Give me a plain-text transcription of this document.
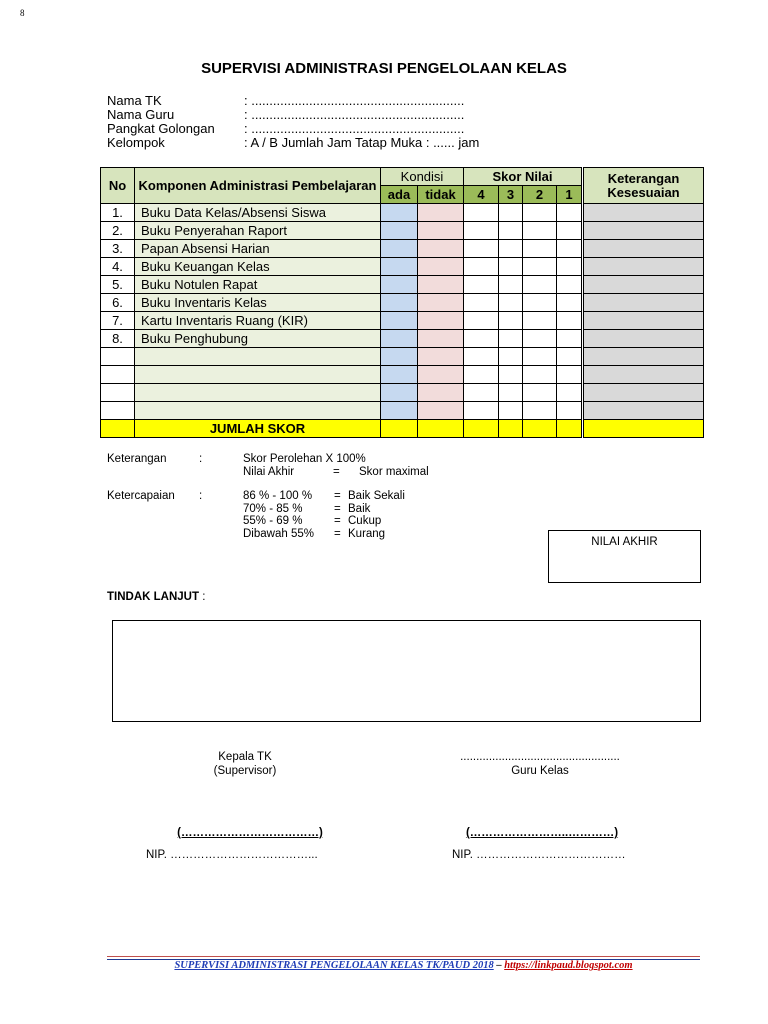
8
SUPERVISI ADMINISTRASI PENGELOLAAN KELAS
Nama TK	: ...........................................................
Nama Guru	: ...........................................................
Pangkat Golongan	: ...........................................................
Kelompok	: A / B Jumlah Jam Tatap Muka : ...... jam
No	Komponen Administrasi Pembelajaran	Kondisi		Skor Nilai					Keterangan Kesesuaian
		ada	tidak	4	3	2	1		
1.	Buku Data Kelas/Absensi Siswa								
2.	Buku Penyerahan Raport								
3.	Papan Absensi Harian								
4.	Buku Keuangan Kelas								
5.	Buku Notulen Rapat								
6.	Buku Inventaris Kelas								
7.	Kartu Inventaris Ruang (KIR)								
8.	Buku Penghubung								

	JUMLAH SKOR								
Keterangan	:	Skor Perolehan X 100%
Nilai Akhir	=	Skor maximal
Ketercapaian	:	86 % - 100 %	= Baik Sekali
70% - 85 %	= Baik
55% - 69 %	= Cukup
Dibawah 55%	= Kurang
NILAI AKHIR
TINDAK LANJUT :
Kepala TK
(Supervisor)
(………………………………)
NIP. ………………………………...
..................................................
Guru Kelas
(……………………..…………)
NIP. …………………………………
SUPERVISI ADMINISTRASI PENGELOLAAN KELAS TK/PAUD 2018 – https://linkpaud.blogspot.com
